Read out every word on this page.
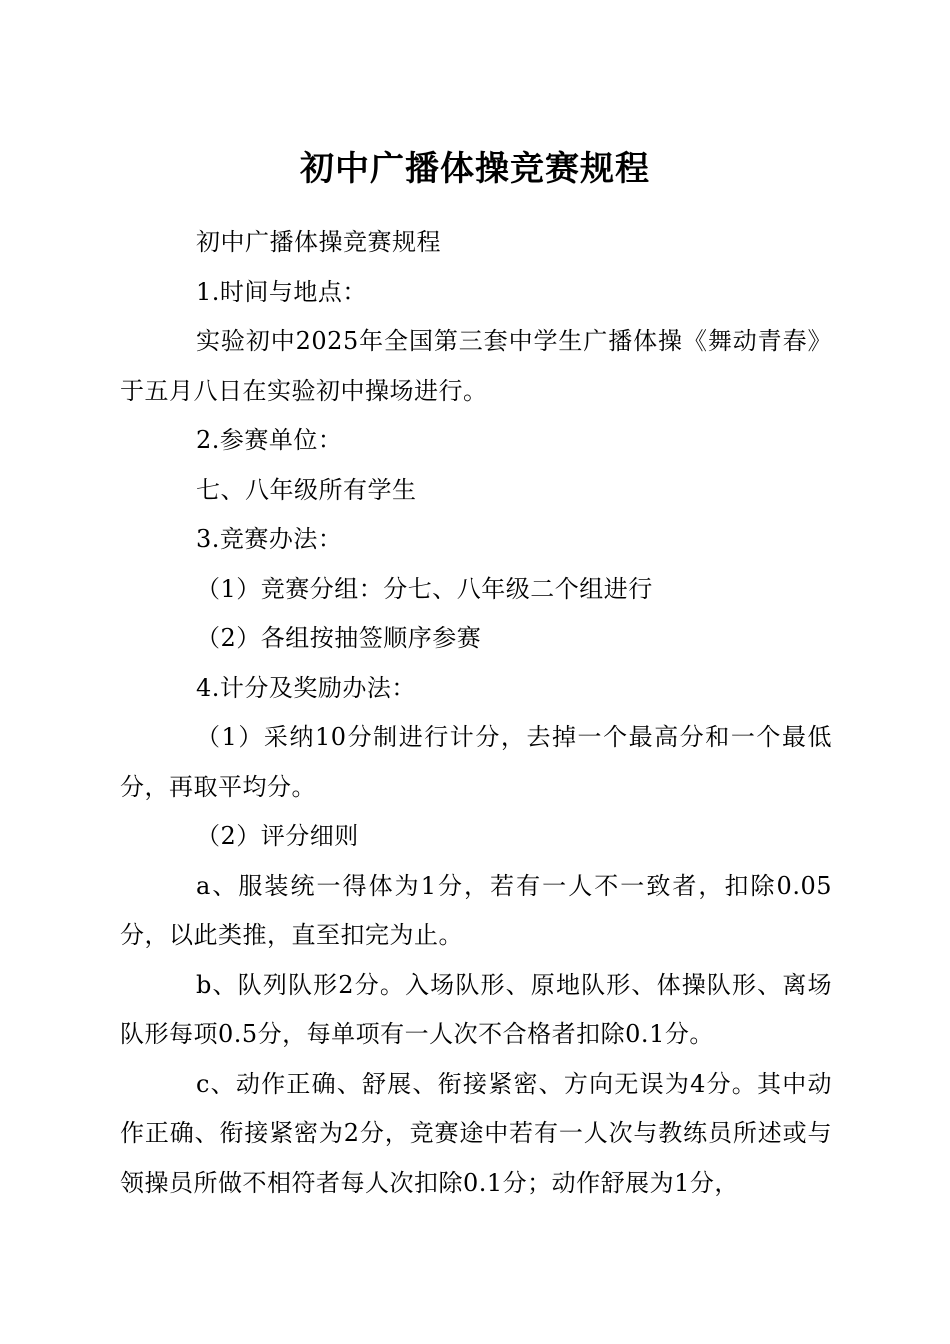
初中广播体操竞赛规程

初中广播体操竞赛规程

1.时间与地点：

实验初中2025年全国第三套中学生广播体操《舞动青春》于五月八日在实验初中操场进行。

2.参赛单位：

七、八年级所有学生

3.竞赛办法：

（1）竞赛分组：分七、八年级二个组进行

（2）各组按抽签顺序参赛

4.计分及奖励办法：

（1）采纳10分制进行计分，去掉一个最高分和一个最低分，再取平均分。

（2）评分细则

a、服装统一得体为1分，若有一人不一致者，扣除0.05分，以此类推，直至扣完为止。

b、队列队形2分。入场队形、原地队形、体操队形、离场队形每项0.5分，每单项有一人次不合格者扣除0.1分。

c、动作正确、舒展、衔接紧密、方向无误为4分。其中动作正确、衔接紧密为2分，竞赛途中若有一人次与教练员所述或与领操员所做不相符者每人次扣除0.1分；动作舒展为1分，
